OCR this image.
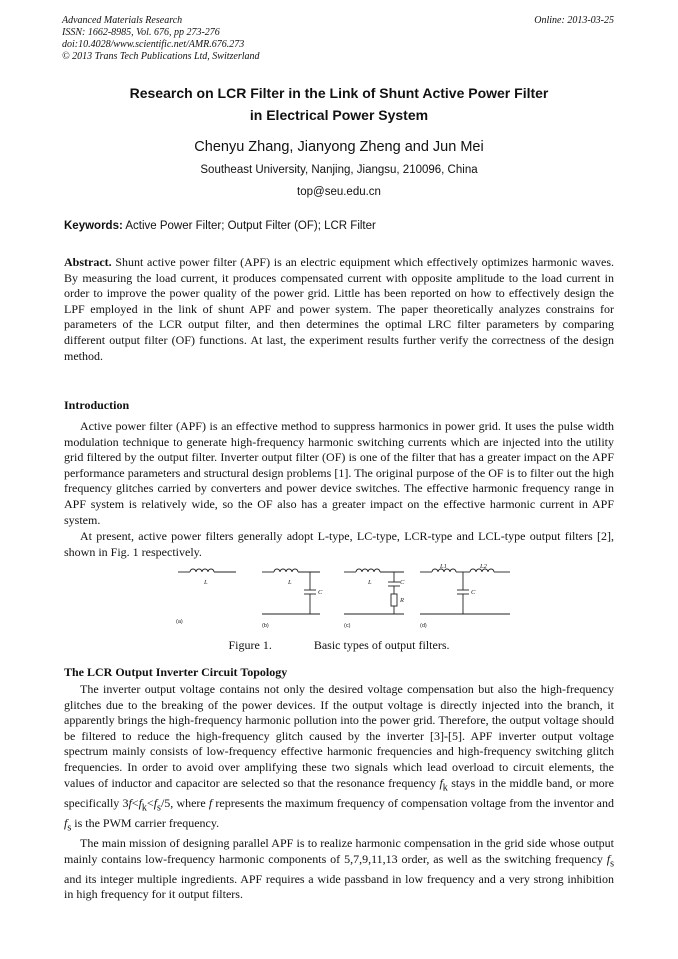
Advanced Materials Research
ISSN: 1662-8985, Vol. 676, pp 273-276
doi:10.4028/www.scientific.net/AMR.676.273
© 2013 Trans Tech Publications Ltd, Switzerland
Online: 2013-03-25
Research on LCR Filter in the Link of Shunt Active Power Filter
in Electrical Power System
Chenyu Zhang, Jianyong Zheng and Jun Mei
Southeast University, Nanjing, Jiangsu, 210096, China
top@seu.edu.cn
Keywords: Active Power Filter; Output Filter (OF); LCR Filter
Abstract. Shunt active power filter (APF) is an electric equipment which effectively optimizes harmonic waves. By measuring the load current, it produces compensated current with opposite amplitude to the load current in order to improve the power quality of the power grid. Little has been reported on how to effectively design the LPF employed in the link of shunt APF and power system. The paper theoretically analyzes constrains for parameters of the LCR output filter, and then determines the optimal LRC filter parameters by comparing different output filter (OF) functions. At last, the experiment results further verify the correctness of the design method.
Introduction
Active power filter (APF) is an effective method to suppress harmonics in power grid. It uses the pulse width modulation technique to generate high-frequency harmonic switching currents which are injected into the utility grid filtered by the output filter. Inverter output filter (OF) is one of the filter that has a greater impact on the APF performance parameters and structural design problems [1]. The original purpose of the OF is to filter out the high frequency glitches carried by converters and power device switches. The effective harmonic frequency range in APF system is relatively wide, so the OF also has a greater impact on the effective harmonic current in APF system.
At present, active power filters generally adopt L-type, LC-type, LCR-type and LCL-type output filters [2], shown in Fig. 1 respectively.
L	L
C
L	C
R
L1	L2
C
(a)
(b)	(c)	(d)
Figure 1.	Basic types of output filters.
The LCR Output Inverter Circuit Topology
The inverter output voltage contains not only the desired voltage compensation but also the high-frequency glitches due to the breaking of the power devices. If the output voltage is directly injected into the branch, it apparently brings the high-frequency harmonic pollution into the power grid. Therefore, the output voltage should be filtered to reduce the high-frequency glitch caused by the inverter [3]-[5]. APF inverter output voltage spectrum mainly consists of low-frequency effective harmonic frequencies and high-frequency switching glitch frequencies. In order to avoid over amplifying these two signals which lead overload to circuit elements, the values of inductor and capacitor are selected so that the resonance frequency $f_k$ stays in the middle band, or more specifically $3f<f_k<f_s/5$, where f represents the maximum frequency of compensation voltage from the inventor and $f_s$ is the PWM carrier frequency.
The main mission of designing parallel APF is to realize harmonic compensation in the grid side whose output mainly contains low-frequency harmonic components of 5,7,9,11,13 order, as well as the switching frequency $f_s$ and its integer multiple ingredients. APF requires a wide passband in low frequency and a very strong inhibition in high frequency for it output filters.
